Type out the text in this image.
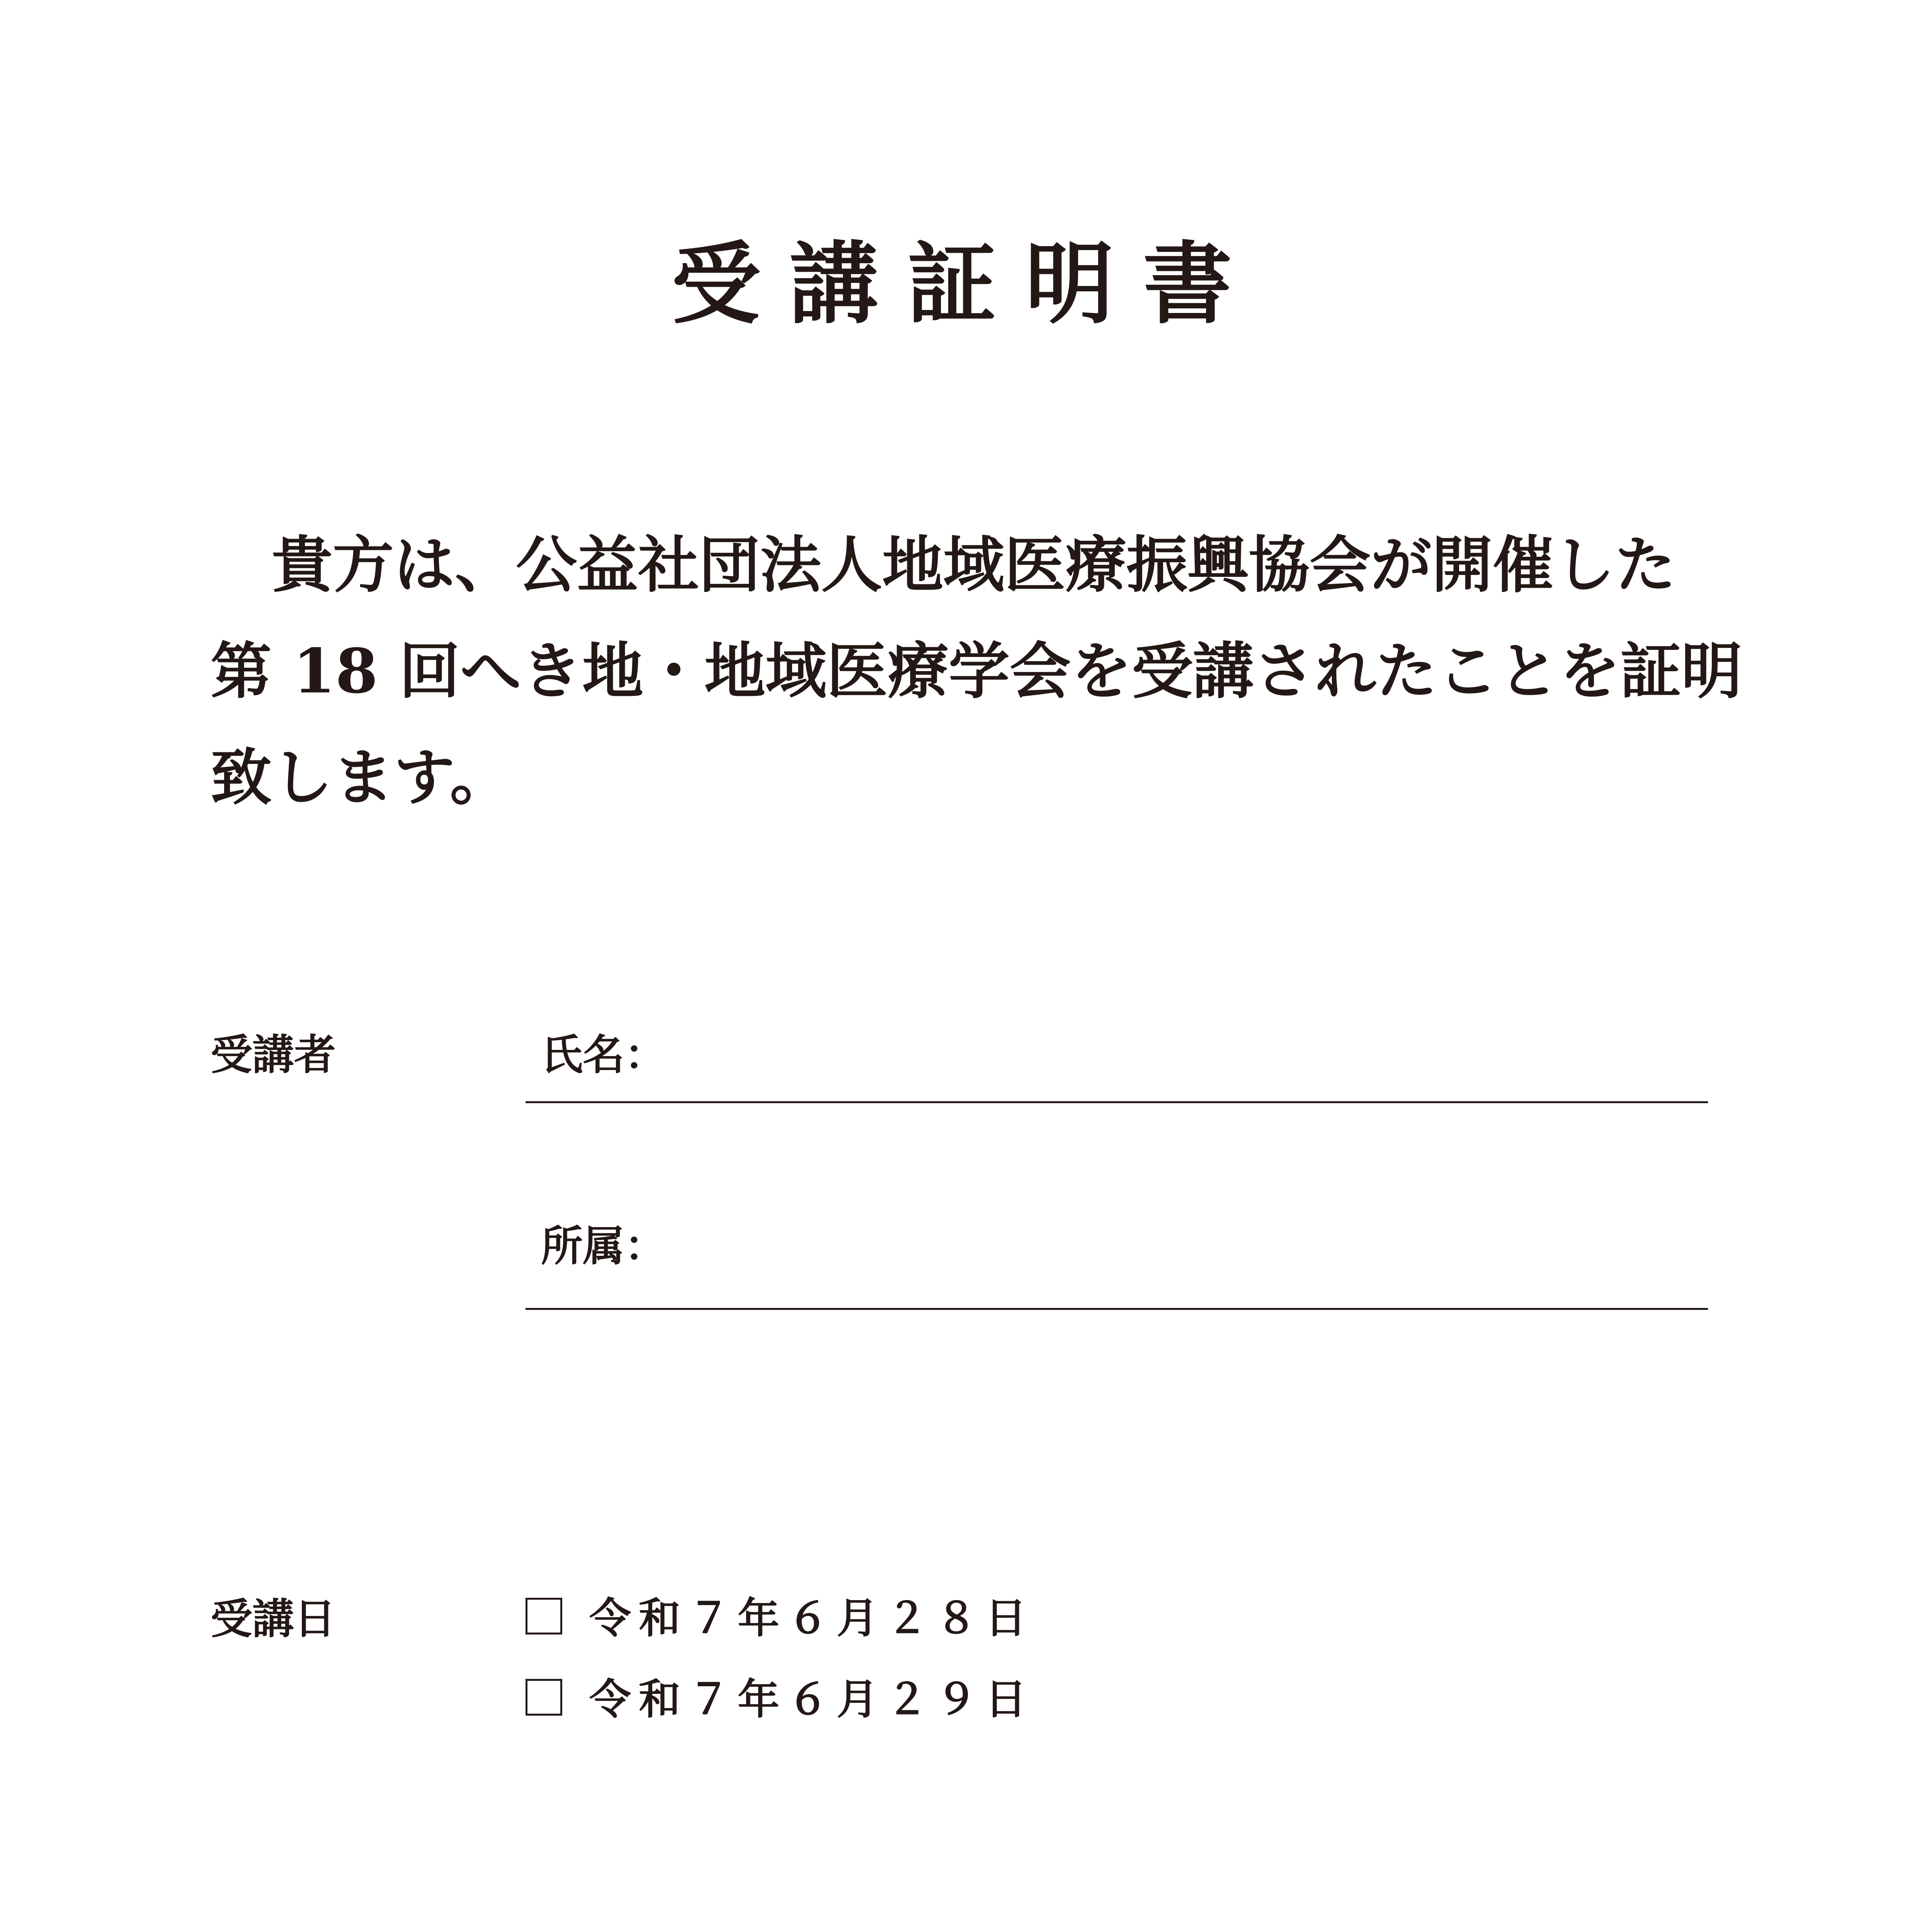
受講証明書
貴方は、公益社団法人地域医療振興協会が開催した
第 18 回へき地・地域医療学会を受講されたことを証明
致します。
受講者	氏名：
所属：
受講日	令和７年６月２８日
令和７年６月２９日
